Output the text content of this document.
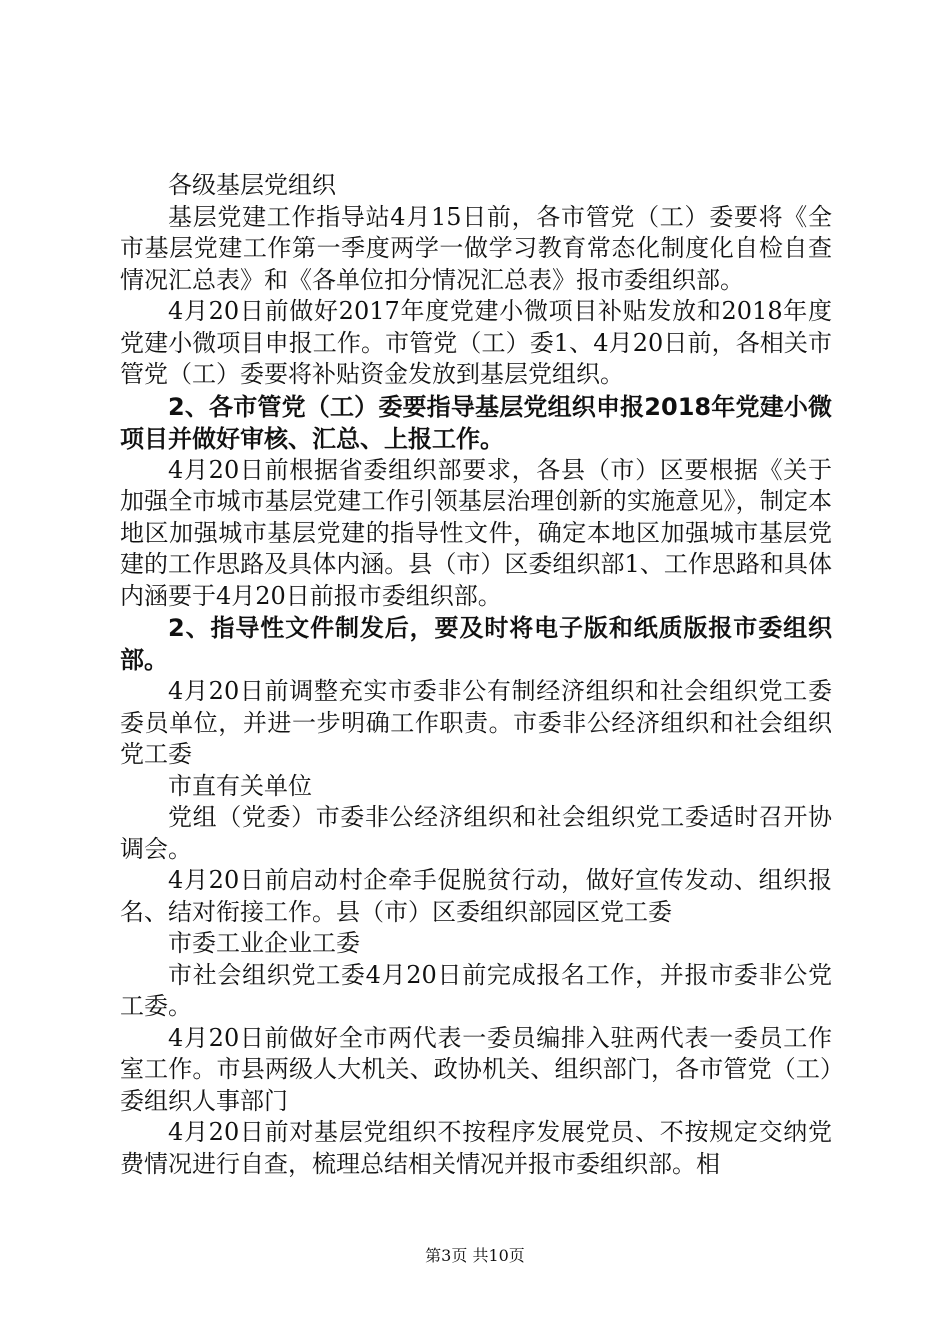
各级基层党组织

基层党建工作指导站4月15日前，各市管党（工）委要将《全市基层党建工作第一季度两学一做学习教育常态化制度化自检自查情况汇总表》和《各单位扣分情况汇总表》报市委组织部。

4月20日前做好2017年度党建小微项目补贴发放和2018年度党建小微项目申报工作。市管党（工）委1、4月20日前，各相关市管党（工）委要将补贴资金发放到基层党组织。

2、各市管党（工）委要指导基层党组织申报2018年党建小微项目并做好审核、汇总、上报工作。

4月20日前根据省委组织部要求，各县（市）区要根据《关于加强全市城市基层党建工作引领基层治理创新的实施意见》，制定本地区加强城市基层党建的指导性文件，确定本地区加强城市基层党建的工作思路及具体内涵。县（市）区委组织部1、工作思路和具体内涵要于4月20日前报市委组织部。

2、指导性文件制发后，要及时将电子版和纸质版报市委组织部。

4月20日前调整充实市委非公有制经济组织和社会组织党工委委员单位，并进一步明确工作职责。市委非公经济组织和社会组织党工委

市直有关单位

党组（党委）市委非公经济组织和社会组织党工委适时召开协调会。

4月20日前启动村企牵手促脱贫行动，做好宣传发动、组织报名、结对衔接工作。县（市）区委组织部园区党工委

市委工业企业工委

市社会组织党工委4月20日前完成报名工作，并报市委非公党工委。

4月20日前做好全市两代表一委员编排入驻两代表一委员工作室工作。市县两级人大机关、政协机关、组织部门，各市管党（工）委组织人事部门

4月20日前对基层党组织不按程序发展党员、不按规定交纳党费情况进行自查，梳理总结相关情况并报市委组织部。相

第3页 共10页
